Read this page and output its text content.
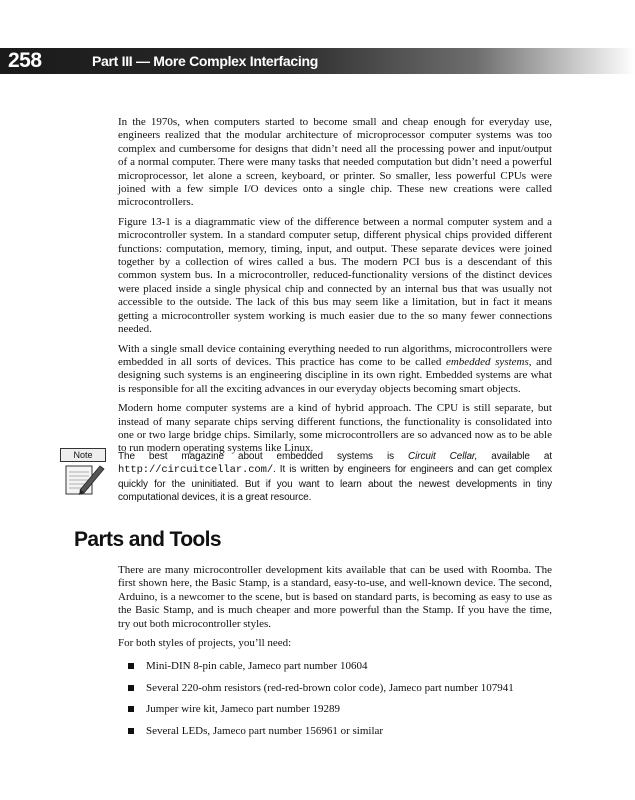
258	Part III — More Complex Interfacing

In the 1970s, when computers started to become small and cheap enough for everyday use, engineers realized that the modular architecture of microprocessor computer systems was too complex and cumbersome for designs that didn’t need all the processing power and input/output of a normal computer. There were many tasks that needed computation but didn’t need a powerful microprocessor, let alone a screen, keyboard, or printer. So smaller, less powerful CPUs were joined with a few simple I/O devices onto a single chip. These new creations were called microcontrollers.

Figure 13-1 is a diagrammatic view of the difference between a normal computer system and a microcontroller system. In a standard computer setup, different physical chips provided different functions: computation, memory, timing, input, and output. These separate devices were joined together by a collection of wires called a bus. The modern PCI bus is a descendant of this common system bus. In a microcontroller, reduced-functionality versions of the distinct devices were placed inside a single physical chip and connected by an internal bus that was usually not accessible to the outside. The lack of this bus may seem like a limitation, but in fact it means getting a microcontroller system working is much easier due to the so many fewer connections needed.

With a single small device containing everything needed to run algorithms, microcontrollers were embedded in all sorts of devices. This practice has come to be called embedded systems, and designing such systems is an engineering discipline in its own right. Embedded systems are what is responsible for all the exciting advances in our everyday objects becoming smart objects.

Modern home computer systems are a kind of hybrid approach. The CPU is still separate, but instead of many separate chips serving different functions, the functionality is consolidated into one or two large bridge chips. Similarly, some microcontrollers are so advanced now as to be able to run modern operating systems like Linux.

Note	The best magazine about embedded systems is Circuit Cellar, available at http://circuitcellar.com/. It is written by engineers for engineers and can get complex quickly for the uninitiated. But if you want to learn about the newest developments in tiny computational devices, it is a great resource.
Parts and Tools

There are many microcontroller development kits available that can be used with Roomba. The first shown here, the Basic Stamp, is a standard, easy-to-use, and well-known device. The second, Arduino, is a newcomer to the scene, but is based on standard parts, is becoming as easy to use as the Basic Stamp, and is much cheaper and more powerful than the Stamp. If you have the time, try out both microcontroller styles.

For both styles of projects, you’ll need:

Mini-DIN 8-pin cable, Jameco part number 10604
Several 220-ohm resistors (red-red-brown color code), Jameco part number 107941
Jumper wire kit, Jameco part number 19289
Several LEDs, Jameco part number 156961 or similar
